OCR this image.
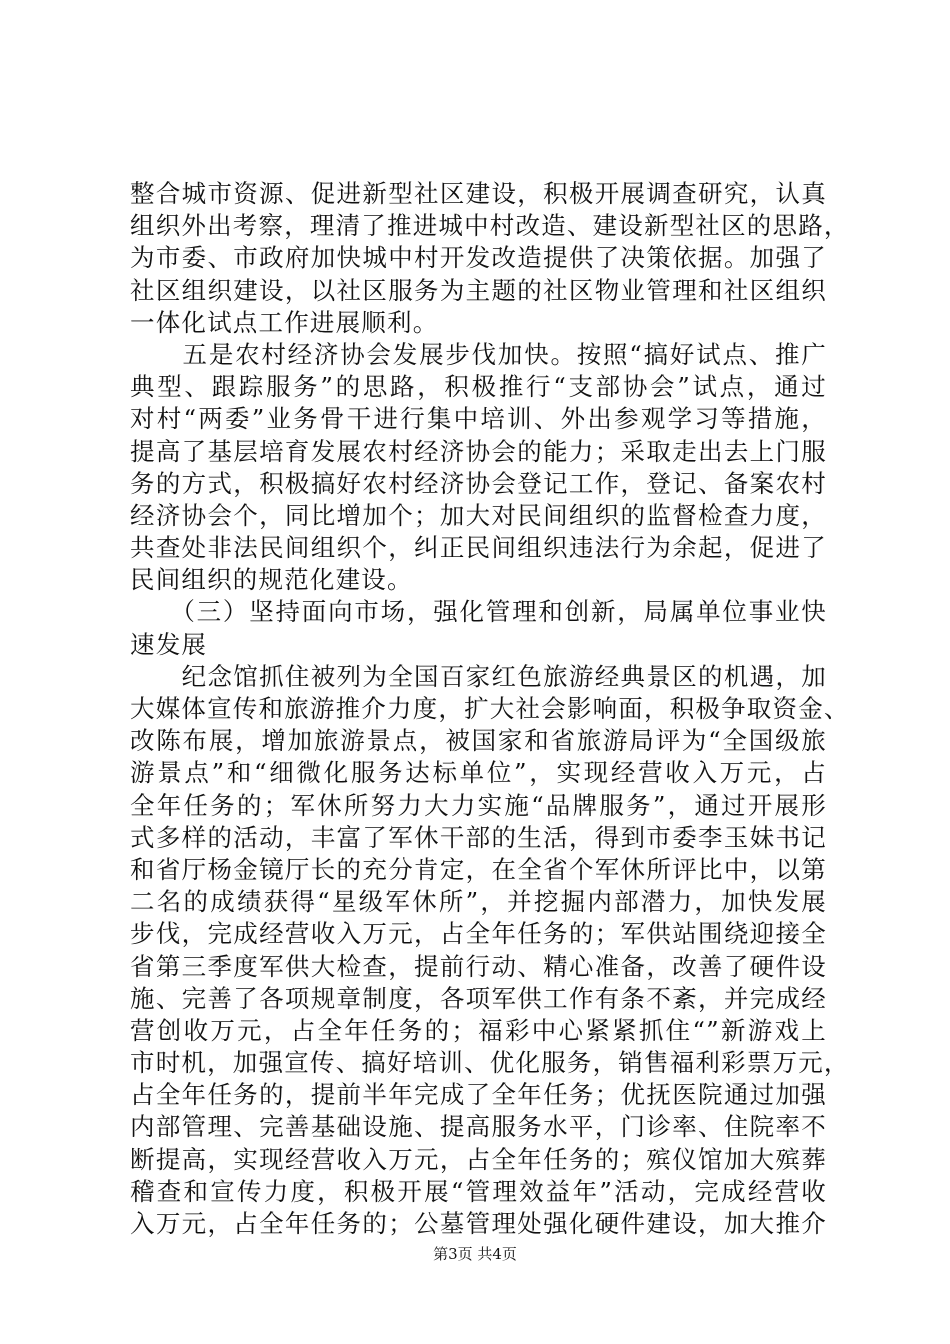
整合城市资源、促进新型社区建设，积极开展调查研究，认真
组织外出考察，理清了推进城中村改造、建设新型社区的思路，
为市委、市政府加快城中村开发改造提供了决策依据。加强了
社区组织建设，以社区服务为主题的社区物业管理和社区组织
一体化试点工作进展顺利。
　　五是农村经济协会发展步伐加快。按照“搞好试点、推广
典型、跟踪服务”的思路，积极推行“支部协会”试点，通过
对村“两委”业务骨干进行集中培训、外出参观学习等措施，
提高了基层培育发展农村经济协会的能力；采取走出去上门服
务的方式，积极搞好农村经济协会登记工作，登记、备案农村
经济协会个，同比增加个；加大对民间组织的监督检查力度，
共查处非法民间组织个，纠正民间组织违法行为余起，促进了
民间组织的规范化建设。
　　（三）坚持面向市场，强化管理和创新，局属单位事业快
速发展
　　纪念馆抓住被列为全国百家红色旅游经典景区的机遇，加
大媒体宣传和旅游推介力度，扩大社会影响面，积极争取资金、
改陈布展，增加旅游景点，被国家和省旅游局评为“全国级旅
游景点”和“细微化服务达标单位”，实现经营收入万元，占
全年任务的；军休所努力大力实施“品牌服务”，通过开展形
式多样的活动，丰富了军休干部的生活，得到市委李玉妹书记
和省厅杨金镜厅长的充分肯定，在全省个军休所评比中，以第
二名的成绩获得“星级军休所”，并挖掘内部潜力，加快发展
步伐，完成经营收入万元，占全年任务的；军供站围绕迎接全
省第三季度军供大检查，提前行动、精心准备，改善了硬件设
施、完善了各项规章制度，各项军供工作有条不紊，并完成经
营创收万元，占全年任务的；福彩中心紧紧抓住“”新游戏上
市时机，加强宣传、搞好培训、优化服务，销售福利彩票万元，
占全年任务的，提前半年完成了全年任务；优抚医院通过加强
内部管理、完善基础设施、提高服务水平，门诊率、住院率不
断提高，实现经营收入万元，占全年任务的；殡仪馆加大殡葬
稽查和宣传力度，积极开展“管理效益年”活动，完成经营收
入万元，占全年任务的；公墓管理处强化硬件建设，加大推介
第3页 共4页
